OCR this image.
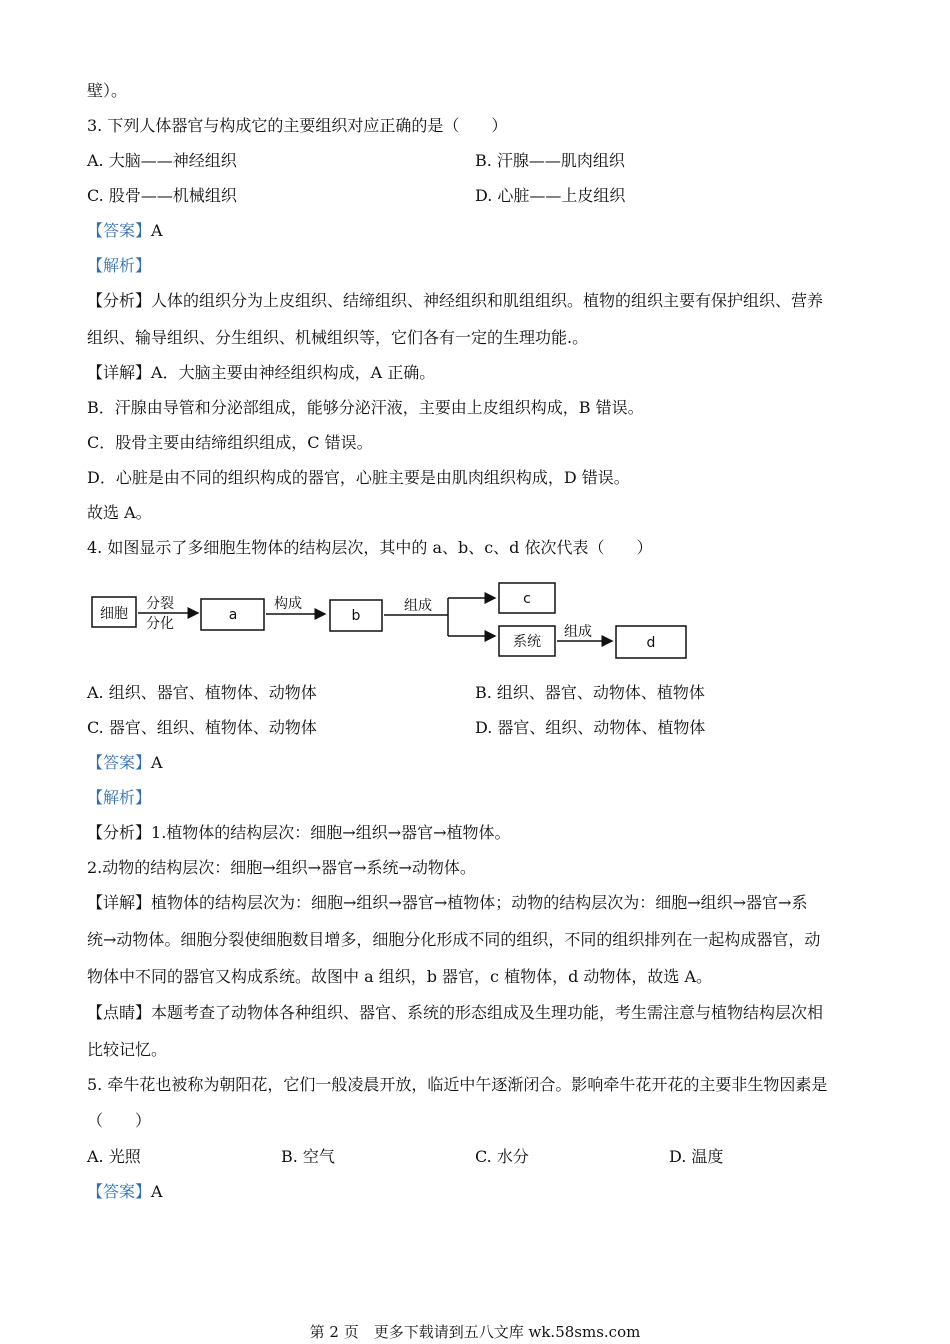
壁）。
3. 下列人体器官与构成它的主要组织对应正确的是（　　）
A. 大脑——神经组织	B. 汗腺——肌肉组织
C. 股骨——机械组织	D. 心脏——上皮组织
【答案】A
【解析】
【分析】人体的组织分为上皮组织、结缔组织、神经组织和肌组组织。植物的组织主要有保护组织、营养
组织、输导组织、分生组织、机械组织等，它们各有一定的生理功能.。
【详解】A．大脑主要由神经组织构成，A 正确。
B．汗腺由导管和分泌部组成，能够分泌汗液，主要由上皮组织构成，B 错误。
C．股骨主要由结缔组织组成，C 错误。
D．心脏是由不同的组织构成的器官，心脏主要是由肌肉组织构成，D 错误。
故选 A。
4. 如图显示了多细胞生物体的结构层次，其中的 a、b、c、d 依次代表（　　）
细胞
分裂
分化
a
构成
b
组成	c
系统
组成
d
A. 组织、器官、植物体、动物体	B. 组织、器官、动物体、植物体
C. 器官、组织、植物体、动物体	D. 器官、组织、动物体、植物体
【答案】A
【解析】
【分析】1.植物体的结构层次：细胞→组织→器官→植物体。
2.动物的结构层次：细胞→组织→器官→系统→动物体。
【详解】植物体的结构层次为：细胞→组织→器官→植物体；动物的结构层次为：细胞→组织→器官→系
统→动物体。细胞分裂使细胞数目增多，细胞分化形成不同的组织，不同的组织排列在一起构成器官，动
物体中不同的器官又构成系统。故图中 a 组织，b 器官，c 植物体，d 动物体，故选 A。
【点睛】本题考查了动物体各种组织、器官、系统的形态组成及生理功能，考生需注意与植物结构层次相
比较记忆。
5. 牵牛花也被称为朝阳花，它们一般凌晨开放，临近中午逐渐闭合。影响牵牛花开花的主要非生物因素是
（　　）
A. 光照	B. 空气	C. 水分	D. 温度
【答案】A
第 2 页　更多下载请到五八文库 wk.58sms.com
